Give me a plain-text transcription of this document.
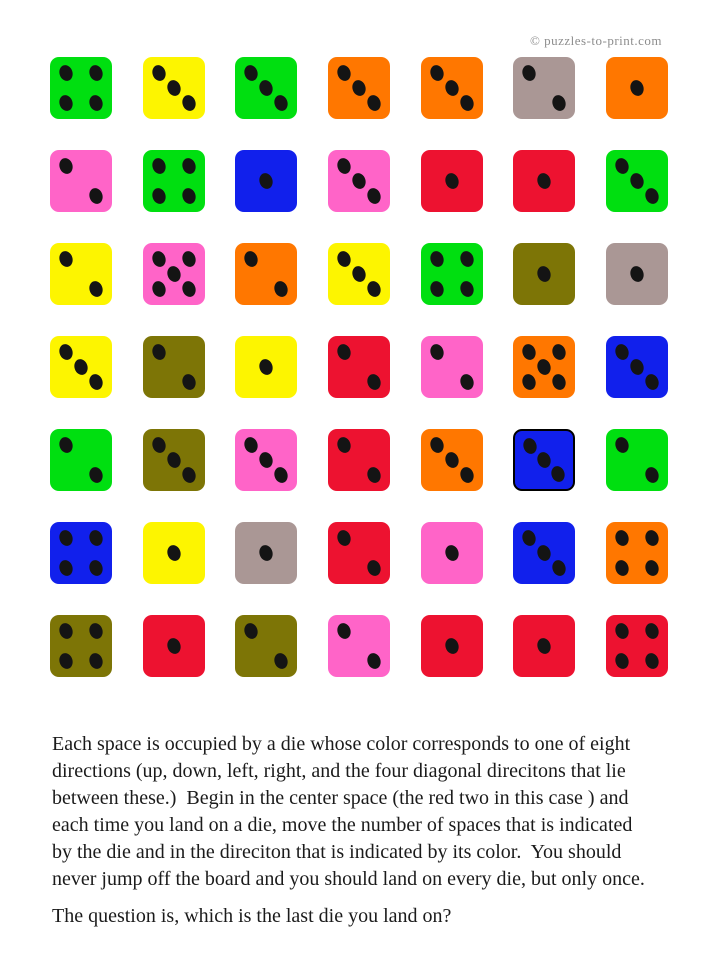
© puzzles-to-print.com
Each space is occupied by a die whose color corresponds to one of eight
directions (up, down, left, right, and the four diagonal direcitons that lie
between these.)  Begin in the center space (the red two in this case ) and
each time you land on a die, move the number of spaces that is indicated
by the die and in the direciton that is indicated by its color.  You should
never jump off the board and you should land on every die, but only once.
The question is, which is the last die you land on?
